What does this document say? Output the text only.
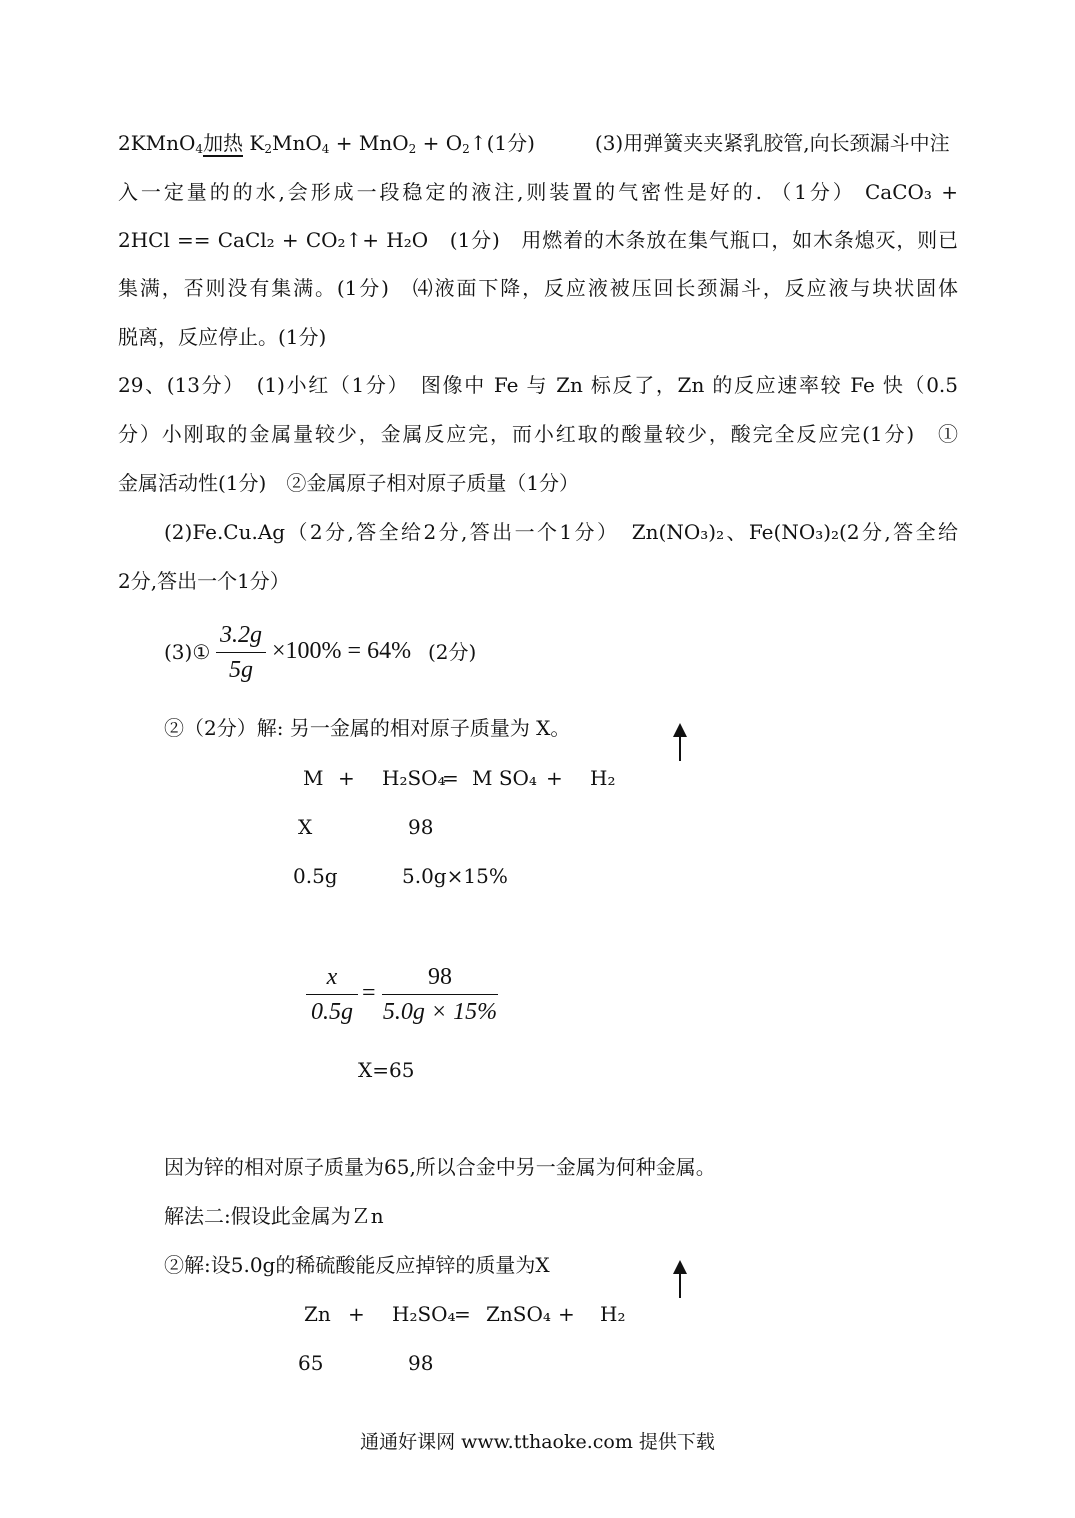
2KMnO$_4$加热 $K_2MnO_4 + MnO_2$ + $O_2↑(1$分)　　　(3)用弹簧夹夹紧乳胶管,向长颈漏斗中注
入一定量的的水,会形成一段稳定的液注,则装置的气密性是好的. （1分） CaCO₃ +
2HCl == CaCl₂ + CO₂↑+ H₂O　(1分)　用燃着的木条放在集气瓶口，如木条熄灭，则已
集满，否则没有集满。(1分)　⑷液面下降，反应液被压回长颈漏斗，反应液与块状固体
脱离，反应停止。(1分)
29、(13分）　(1)小红（1分）　图像中 Fe 与 Zn 标反了，Zn 的反应速率较 Fe 快（0.5
分）小刚取的金属量较少，金属反应完，而小红取的酸量较少，酸完全反应完(1分)　①
金属活动性(1分)　②金属原子相对原子质量（1分）
(2)Fe.Cu.Ag（2分,答全给2分,答出一个1分）　Zn(NO₃)₂、Fe(NO₃)₂(2分,答全给
2分,答出一个1分）
(3)① $\frac{3.2g}{5g} \times 100\% = 64\%$ (2分)
②（2分）解: 另一金属的相对原子质量为 X。
M + H₂SO₄
= M SO₄ + H₂
X	98
0.5g	5.0g×15%
$\frac{x}{0.5g} = \frac{98}{5.0g \times 15\%}$
X=65
因为锌的相对原子质量为65,所以合金中另一金属为何种金属。
解法二:假设此金属为Ｚn
②解:设5.0g的稀硫酸能反应掉锌的质量为X
Zn + H₂SO₄
= ZnSO₄ + H₂
65	98
通通好课网 www.tthaoke.com 提供下载
